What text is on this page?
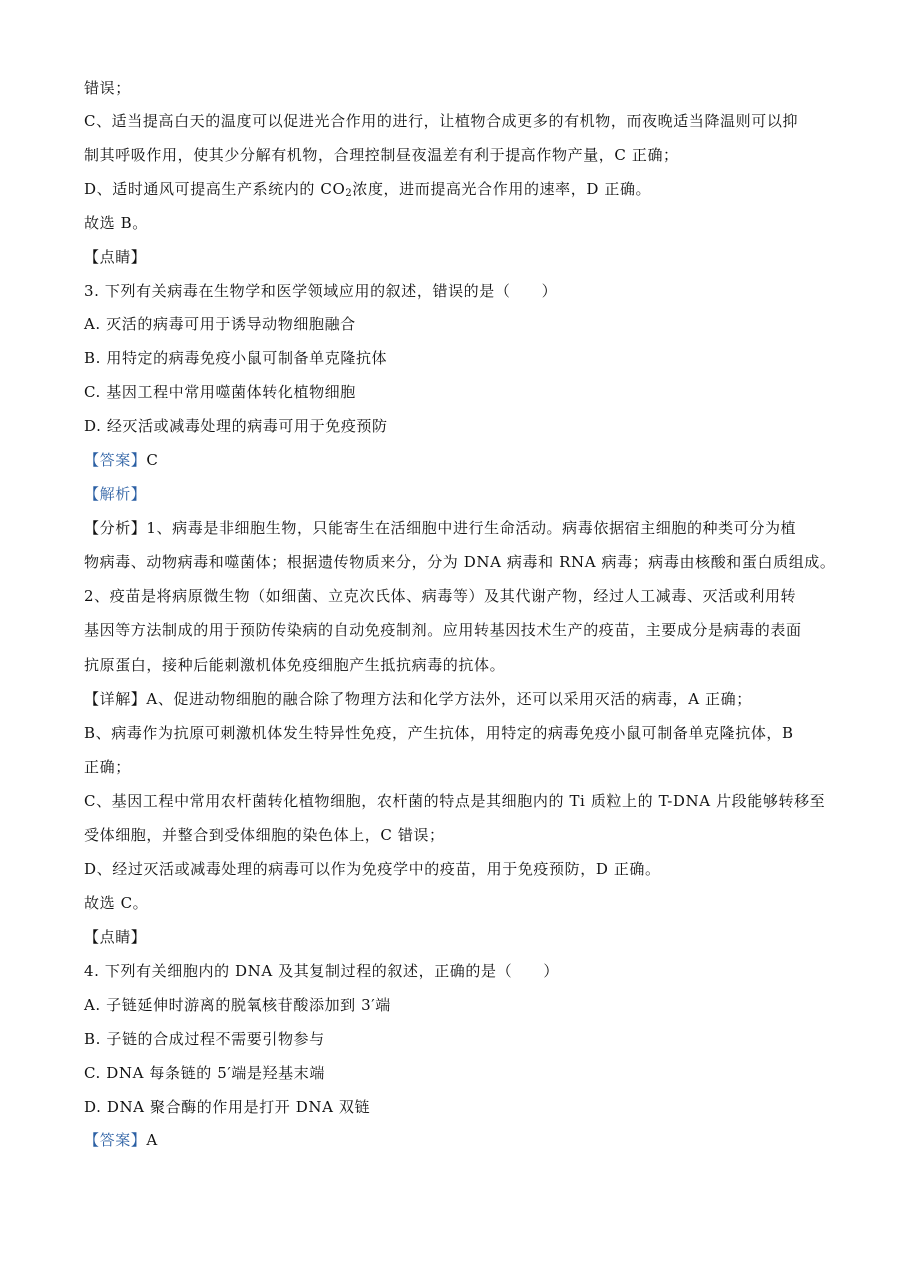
错误；
C、适当提高白天的温度可以促进光合作用的进行，让植物合成更多的有机物，而夜晚适当降温则可以抑
制其呼吸作用，使其少分解有机物，合理控制昼夜温差有利于提高作物产量，C 正确；
D、适时通风可提高生产系统内的 $CO_2$浓度，进而提高光合作用的速率，D 正确。
故选 B。
【点睛】
3. 下列有关病毒在生物学和医学领域应用的叙述，错误的是（　　）
A. 灭活的病毒可用于诱导动物细胞融合
B. 用特定的病毒免疫小鼠可制备单克隆抗体
C. 基因工程中常用噬菌体转化植物细胞
D. 经灭活或减毒处理的病毒可用于免疫预防
【答案】C
【解析】
【分析】1、病毒是非细胞生物，只能寄生在活细胞中进行生命活动。病毒依据宿主细胞的种类可分为植
物病毒、动物病毒和噬菌体；根据遗传物质来分，分为 DNA 病毒和 RNA 病毒；病毒由核酸和蛋白质组成。
2、疫苗是将病原微生物（如细菌、立克次氏体、病毒等）及其代谢产物，经过人工减毒、灭活或利用转
基因等方法制成的用于预防传染病的自动免疫制剂。应用转基因技术生产的疫苗，主要成分是病毒的表面
抗原蛋白，接种后能刺激机体免疫细胞产生抵抗病毒的抗体。
【详解】A、促进动物细胞的融合除了物理方法和化学方法外，还可以采用灭活的病毒，A 正确；
B、病毒作为抗原可刺激机体发生特异性免疫，产生抗体，用特定的病毒免疫小鼠可制备单克隆抗体，B
正确；
C、基因工程中常用农杆菌转化植物细胞，农杆菌的特点是其细胞内的 Ti 质粒上的 T-DNA 片段能够转移至
受体细胞，并整合到受体细胞的染色体上，C 错误；
D、经过灭活或减毒处理的病毒可以作为免疫学中的疫苗，用于免疫预防，D 正确。
故选 C。
【点睛】
4. 下列有关细胞内的 DNA 及其复制过程的叙述，正确的是（　　）
A. 子链延伸时游离的脱氧核苷酸添加到 3′端
B. 子链的合成过程不需要引物参与
C. DNA 每条链的 5′端是羟基末端
D. DNA 聚合酶的作用是打开 DNA 双链
【答案】A
